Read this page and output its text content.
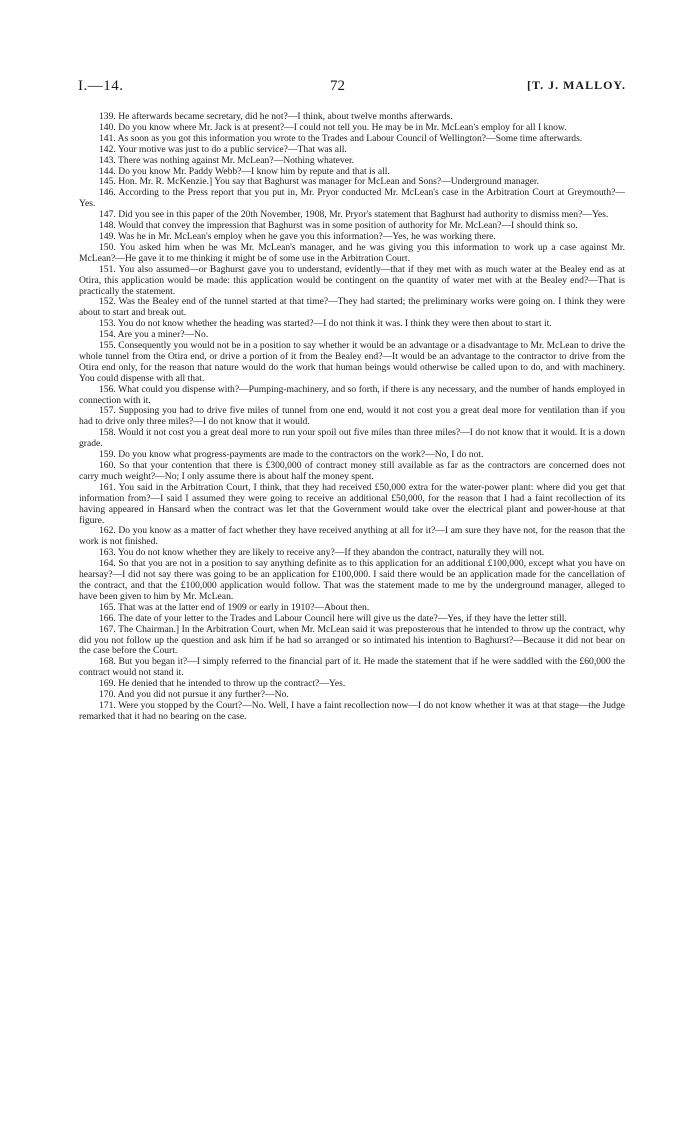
I.—14.	72	[T. J. MALLOY.

139. He afterwards became secretary, did he not?—I think, about twelve months afterwards.

140. Do you know where Mr. Jack is at present?—I could not tell you. He may be in Mr. McLean's employ for all I know.

141. As soon as you got this information you wrote to the Trades and Labour Council of Wellington?—Some time afterwards.

142. Your motive was just to do a public service?—That was all.

143. There was nothing against Mr. McLean?—Nothing whatever.

144. Do you know Mr. Paddy Webb?—I know him by repute and that is all.

145. Hon. Mr. R. McKenzie.] You say that Baghurst was manager for McLean and Sons?—Underground manager.

146. According to the Press report that you put in, Mr. Pryor conducted Mr. McLean's case in the Arbitration Court at Greymouth?—Yes.

147. Did you see in this paper of the 20th November, 1908, Mr. Pryor's statement that Baghurst had authority to dismiss men?—Yes.

148. Would that convey the impression that Baghurst was in some position of authority for Mr. McLean?—I should think so.

149. Was he in Mr. McLean's employ when he gave you this information?—Yes, he was working there.

150. You asked him when he was Mr. McLean's manager, and he was giving you this information to work up a case against Mr. McLean?—He gave it to me thinking it might be of some use in the Arbitration Court.

151. You also assumed—or Baghurst gave you to understand, evidently—that if they met with as much water at the Bealey end as at Otira, this application would be made: this application would be contingent on the quantity of water met with at the Bealey end?—That is practically the statement.

152. Was the Bealey end of the tunnel started at that time?—They had started; the preliminary works were going on. I think they were about to start and break out.

153. You do not know whether the heading was started?—I do not think it was. I think they were then about to start it.

154. Are you a miner?—No.

155. Consequently you would not be in a position to say whether it would be an advantage or a disadvantage to Mr. McLean to drive the whole tunnel from the Otira end, or drive a portion of it from the Bealey end?—It would be an advantage to the contractor to drive from the Otira end only, for the reason that nature would do the work that human beings would otherwise be called upon to do, and with machinery. You could dispense with all that.

156. What could you dispense with?—Pumping-machinery, and so forth, if there is any necessary, and the number of hands employed in connection with it.

157. Supposing you had to drive five miles of tunnel from one end, would it not cost you a great deal more for ventilation than if you had to drive only three miles?—I do not know that it would.

158. Would it not cost you a great deal more to run your spoil out five miles than three miles?—I do not know that it would. It is a down grade.

159. Do you know what progress-payments are made to the contractors on the work?—No, I do not.

160. So that your contention that there is £300,000 of contract money still available as far as the contractors are concerned does not carry much weight?—No; I only assume there is about half the money spent.

161. You said in the Arbitration Court, I think, that they had received £50,000 extra for the water-power plant: where did you get that information from?—I said I assumed they were going to receive an additional £50,000, for the reason that I had a faint recollection of its having appeared in Hansard when the contract was let that the Government would take over the electrical plant and power-house at that figure.

162. Do you know as a matter of fact whether they have received anything at all for it?—I am sure they have not, for the reason that the work is not finished.

163. You do not know whether they are likely to receive any?—If they abandon the contract, naturally they will not.

164. So that you are not in a position to say anything definite as to this application for an additional £100,000, except what you have on hearsay?—I did not say there was going to be an application for £100,000. I said there would be an application made for the cancellation of the contract, and that the £100,000 application would follow. That was the statement made to me by the underground manager, alleged to have been given to him by Mr. McLean.

165. That was at the latter end of 1909 or early in 1910?—About then.

166. The date of your letter to the Trades and Labour Council here will give us the date?—Yes, if they have the letter still.

167. The Chairman.] In the Arbitration Court, when Mr. McLean said it was preposterous that he intended to throw up the contract, why did you not follow up the question and ask him if he had so arranged or so intimated his intention to Baghurst?—Because it did not bear on the case before the Court.

168. But you began it?—I simply referred to the financial part of it. He made the statement that if he were saddled with the £60,000 the contract would not stand it.

169. He denied that he intended to throw up the contract?—Yes.

170. And you did not pursue it any further?—No.

171. Were you stopped by the Court?—No. Well, I have a faint recollection now—I do not know whether it was at that stage—the Judge remarked that it had no bearing on the case.
